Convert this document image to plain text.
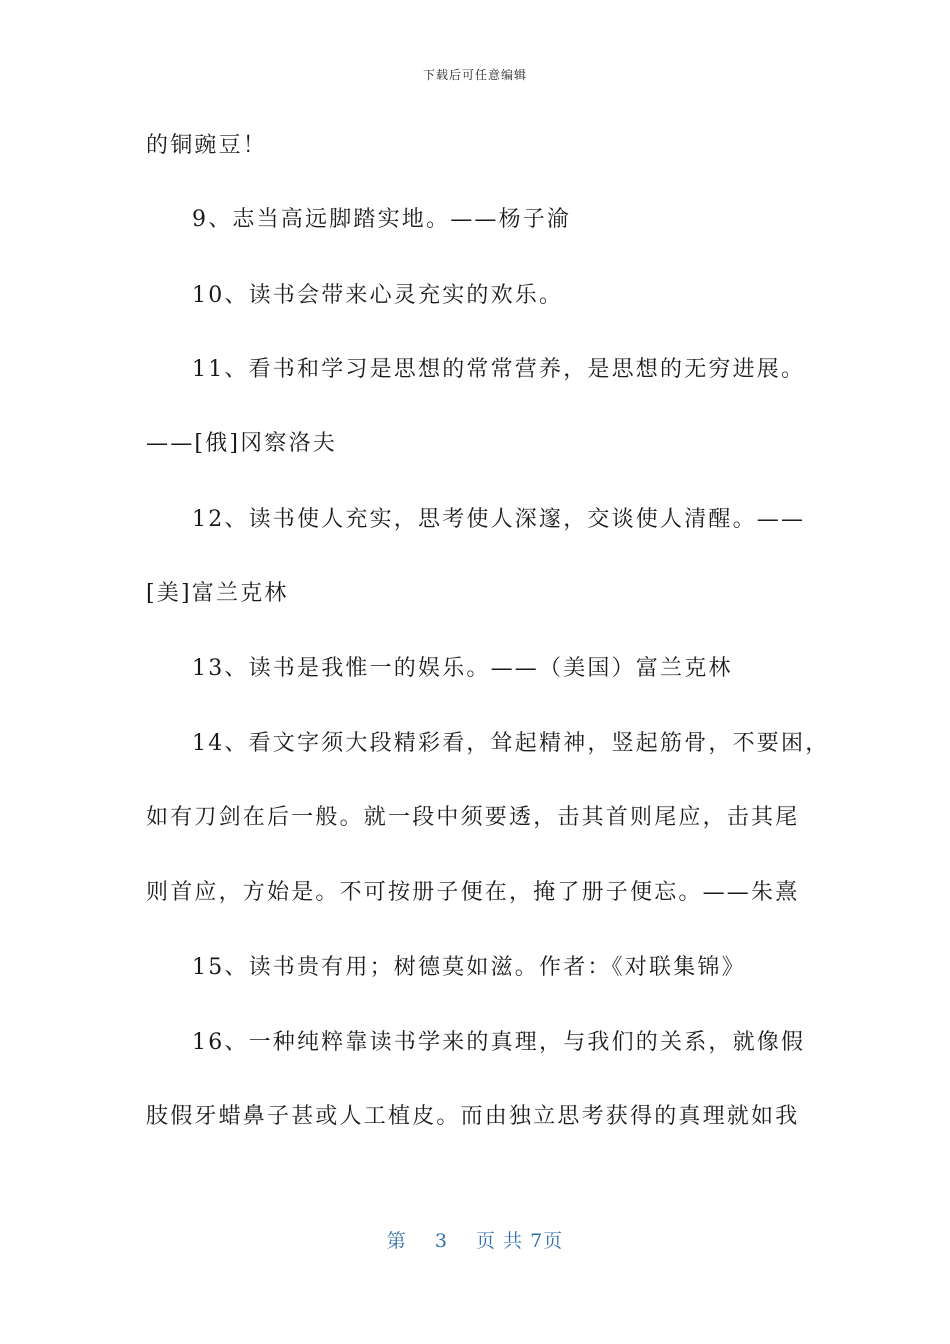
下载后可任意编辑
的铜豌豆！
9、志当高远脚踏实地。——杨子渝
10、读书会带来心灵充实的欢乐。
11、看书和学习是思想的常常营养，是思想的无穷进展。
——[俄]冈察洛夫
12、读书使人充实，思考使人深邃，交谈使人清醒。——
[美]富兰克林
13、读书是我惟一的娱乐。——（美国）富兰克林
14、看文字须大段精彩看，耸起精神，竖起筋骨，不要困，
如有刀剑在后一般。就一段中须要透，击其首则尾应，击其尾
则首应，方始是。不可按册子便在，掩了册子便忘。——朱熹
15、读书贵有用；树德莫如滋。作者：《对联集锦》
16、一种纯粹靠读书学来的真理，与我们的关系，就像假
肢假牙蜡鼻子甚或人工植皮。而由独立思考获得的真理就如我
第 3 页 共 7页
